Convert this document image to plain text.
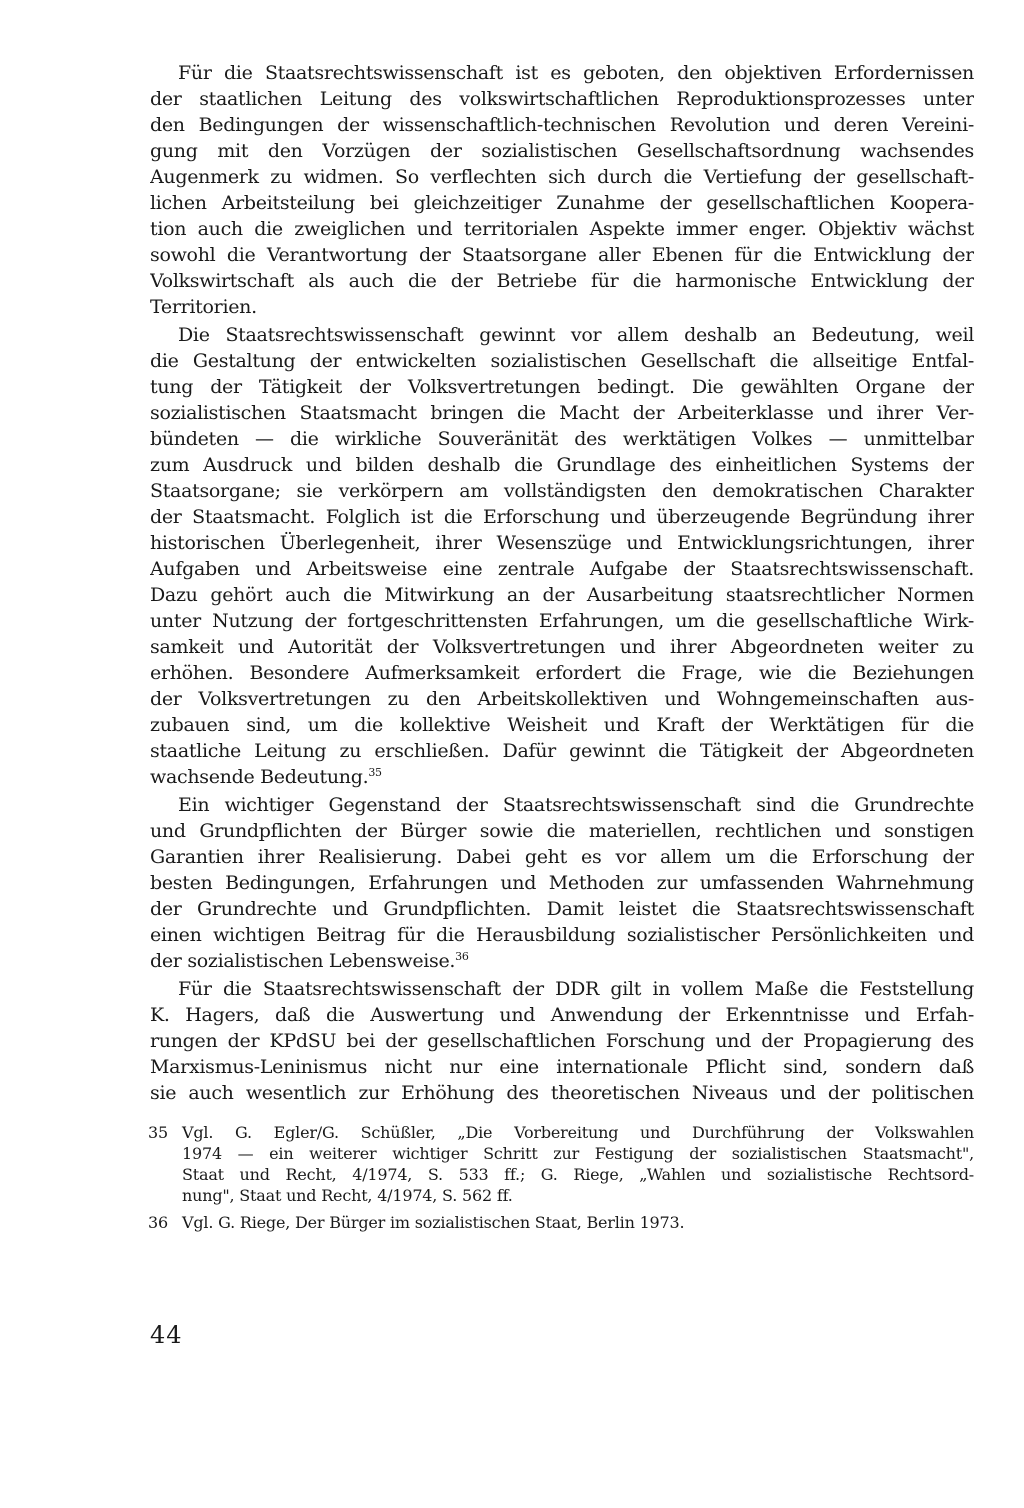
Für die Staatsrechtswissenschaft ist es geboten, den objektiven Erfordernissen
der staatlichen Leitung des volkswirtschaftlichen Reproduktionsprozesses unter
den Bedingungen der wissenschaftlich-technischen Revolution und deren Vereini-
gung mit den Vorzügen der sozialistischen Gesellschaftsordnung wachsendes
Augenmerk zu widmen. So verflechten sich durch die Vertiefung der gesellschaft-
lichen Arbeitsteilung bei gleichzeitiger Zunahme der gesellschaftlichen Koopera-
tion auch die zweiglichen und territorialen Aspekte immer enger. Objektiv wächst
sowohl die Verantwortung der Staatsorgane aller Ebenen für die Entwicklung der
Volkswirtschaft als auch die der Betriebe für die harmonische Entwicklung der
Territorien.
Die Staatsrechtswissenschaft gewinnt vor allem deshalb an Bedeutung, weil
die Gestaltung der entwickelten sozialistischen Gesellschaft die allseitige Entfal-
tung der Tätigkeit der Volksvertretungen bedingt. Die gewählten Organe der
sozialistischen Staatsmacht bringen die Macht der Arbeiterklasse und ihrer Ver-
bündeten — die wirkliche Souveränität des werktätigen Volkes — unmittelbar
zum Ausdruck und bilden deshalb die Grundlage des einheitlichen Systems der
Staatsorgane; sie verkörpern am vollständigsten den demokratischen Charakter
der Staatsmacht. Folglich ist die Erforschung und überzeugende Begründung ihrer
historischen Überlegenheit, ihrer Wesenszüge und Entwicklungsrichtungen, ihrer
Aufgaben und Arbeitsweise eine zentrale Aufgabe der Staatsrechtswissenschaft.
Dazu gehört auch die Mitwirkung an der Ausarbeitung staatsrechtlicher Normen
unter Nutzung der fortgeschrittensten Erfahrungen, um die gesellschaftliche Wirk-
samkeit und Autorität der Volksvertretungen und ihrer Abgeordneten weiter zu
erhöhen. Besondere Aufmerksamkeit erfordert die Frage, wie die Beziehungen
der Volksvertretungen zu den Arbeitskollektiven und Wohngemeinschaften aus-
zubauen sind, um die kollektive Weisheit und Kraft der Werktätigen für die
staatliche Leitung zu erschließen. Dafür gewinnt die Tätigkeit der Abgeordneten
wachsende Bedeutung.$^{35}$
Ein wichtiger Gegenstand der Staatsrechtswissenschaft sind die Grundrechte
und Grundpflichten der Bürger sowie die materiellen, rechtlichen und sonstigen
Garantien ihrer Realisierung. Dabei geht es vor allem um die Erforschung der
besten Bedingungen, Erfahrungen und Methoden zur umfassenden Wahrnehmung
der Grundrechte und Grundpflichten. Damit leistet die Staatsrechtswissenschaft
einen wichtigen Beitrag für die Herausbildung sozialistischer Persönlichkeiten und
der sozialistischen Lebensweise.$^{36}$
Für die Staatsrechtswissenschaft der DDR gilt in vollem Maße die Feststellung
K. Hagers, daß die Auswertung und Anwendung der Erkenntnisse und Erfah-
rungen der KPdSU bei der gesellschaftlichen Forschung und der Propagierung des
Marxismus-Leninismus nicht nur eine internationale Pflicht sind, sondern daß
sie auch wesentlich zur Erhöhung des theoretischen Niveaus und der politischen
35 Vgl. G. Egler/G. Schüßler, „Die Vorbereitung und Durchführung der Volkswahlen
1974 — ein weiterer wichtiger Schritt zur Festigung der sozialistischen Staatsmacht",
Staat und Recht, 4/1974, S. 533 ff.; G. Riege, „Wahlen und sozialistische Rechtsord-
nung", Staat und Recht, 4/1974, S. 562 ff.
36 Vgl. G. Riege, Der Bürger im sozialistischen Staat, Berlin 1973.
44
